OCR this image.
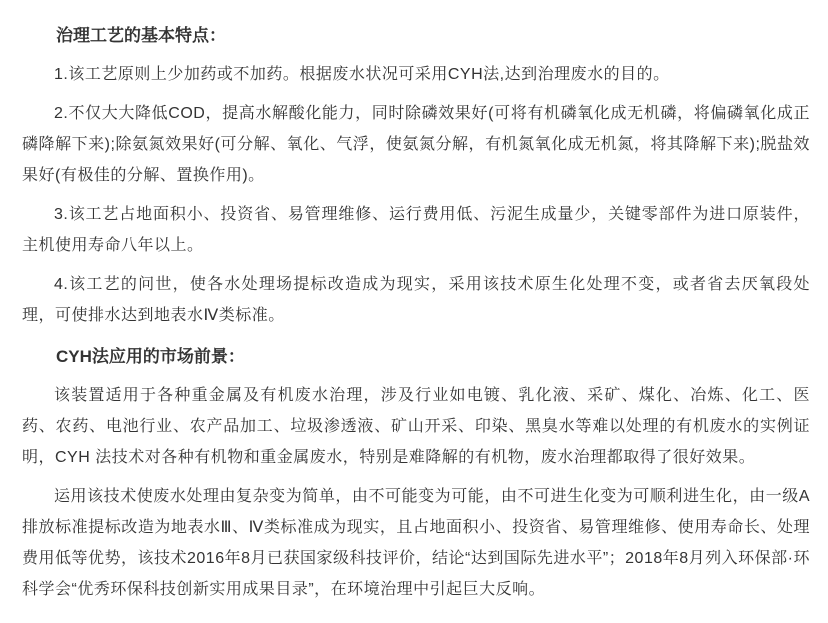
治理工艺的基本特点：

1.该工艺原则上少加药或不加药。根据废水状况可采用CYH法,达到治理废水的目的。

2.不仅大大降低COD，提高水解酸化能力，同时除磷效果好(可将有机磷氧化成无机磷，将偏磷氧化成正磷降解下来);除氨氮效果好(可分解、氧化、气浮，使氨氮分解，有机氮氧化成无机氮，将其降解下来);脱盐效果好(有极佳的分解、置换作用)。

3.该工艺占地面积小、投资省、易管理维修、运行费用低、污泥生成量少，关键零部件为进口原装件，主机使用寿命八年以上。

4.该工艺的问世，使各水处理场提标改造成为现实，采用该技术原生化处理不变，或者省去厌氧段处理，可使排水达到地表水Ⅳ类标准。

CYH法应用的市场前景：

该装置适用于各种重金属及有机废水治理，涉及行业如电镀、乳化液、采矿、煤化、冶炼、化工、医药、农药、电池行业、农产品加工、垃圾渗透液、矿山开采、印染、黑臭水等难以处理的有机废水的实例证明，CYH 法技术对各种有机物和重金属废水，特别是难降解的有机物，废水治理都取得了很好效果。

运用该技术使废水处理由复杂变为简单，由不可能变为可能，由不可进生化变为可顺利进生化，由一级A排放标准提标改造为地表水Ⅲ、Ⅳ类标准成为现实，且占地面积小、投资省、易管理维修、使用寿命长、处理费用低等优势，该技术2016年8月已获国家级科技评价，结论“达到国际先进水平”；2018年8月列入环保部·环科学会“优秀环保科技创新实用成果目录”，在环境治理中引起巨大反响。
